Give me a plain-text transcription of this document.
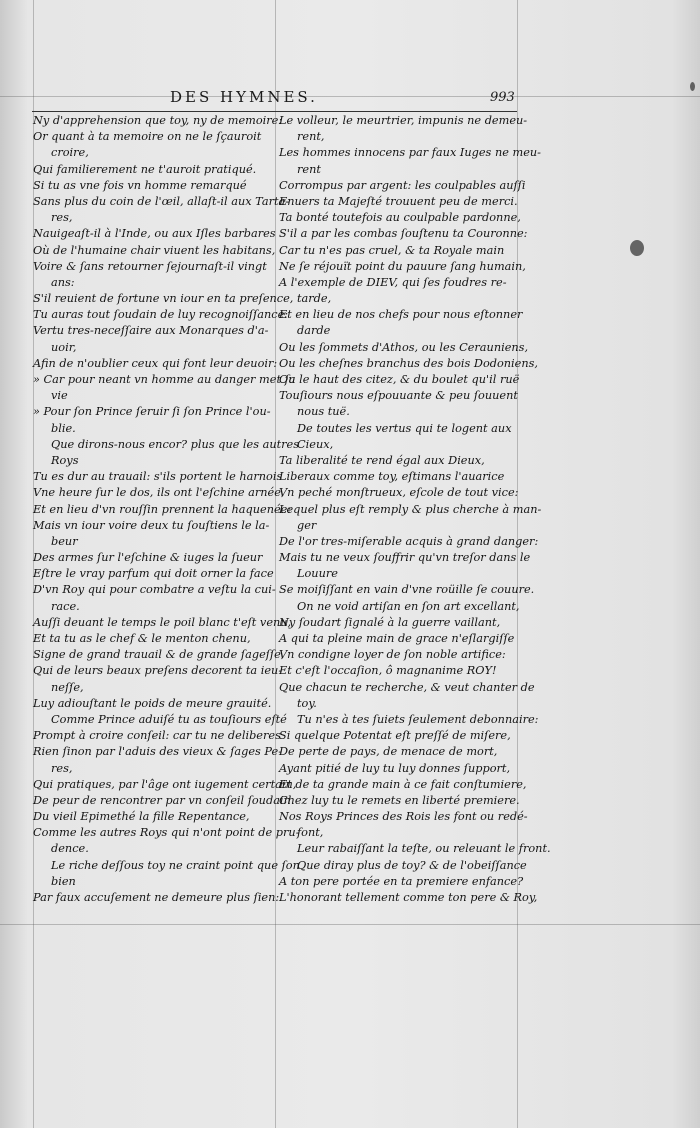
DES HYMNES.	993
Ny d'apprehension que toy, ny de memoire:
Or quant à ta memoire on ne le ſçauroit
croire,
Qui familierement ne t'auroit pratiqué.
Si tu as vne fois vn homme remarqué
Sans plus du coin de l'œil, allaſt-il aux Tarta-
res,
Nauigeaſt-il à l'Inde, ou aux Iſles barbares
Où de l'humaine chair viuent les habitans,
Voire & ſans retourner ſejournaſt-il vingt
ans:
S'il reuient de fortune vn iour en ta preſence,
Tu auras tout ſoudain de luy recognoiſſance:
Vertu tres-neceſſaire aux Monarques d'a-
uoir,
Afin de n'oublier ceux qui font leur deuoir:
» Car pour neant vn homme au danger met ſa
vie
» Pour ſon Prince ſeruir ſi ſon Prince l'ou-
blie.
Que dirons-nous encor? plus que les autres
Roys
Tu es dur au trauail: s'ils portent le harnois
Vne heure ſur le dos, ils ont l'eſchine arnée,
Et en lieu d'vn rouſſin prennent la haquenée:
Mais vn iour voire deux tu ſouſtiens le la-
beur
Des armes ſur l'eſchine & iuges la ſueur
Eſtre le vray parfum qui doit orner la face
D'vn Roy qui pour combatre a veſtu la cui-
race.
Auſſi deuant le temps le poil blanc t'eſt venu,
Et ta tu as le chef & le menton chenu,
Signe de grand trauail & de grande ſageſſe,
Qui de leurs beaux preſens decorent ta ieu-
neſſe,
Luy adiouſtant le poids de meure grauité.
Comme Prince aduiſé tu as touſiours eſté
Prompt à croire conſeil: car tu ne deliberes
Rien ſinon par l'aduis des vieux & ſages Pe-
res,
Qui pratiques, par l'âge ont iugement certain,
De peur de rencontrer par vn conſeil ſoudain
Du vieil Epimethé la fille Repentance,
Comme les autres Roys qui n'ont point de pru-
dence.
Le riche deſſous toy ne craint point que ſon
bien
Par faux accuſement ne demeure plus ſien:
Le volleur, le meurtrier, impunis ne demeu-
rent,
Les hommes innocens par faux Iuges ne meu-
rent
Corrompus par argent: les coulpables auſſi
Enuers ta Majeſté trouuent peu de merci.
Ta bonté toutefois au coulpable pardonne,
S'il a par les combas ſouſtenu ta Couronne:
Car tu n'es pas cruel, & ta Royale main
Ne ſe réjouït point du pauure ſang humain,
A l'exemple de DIEV, qui ſes foudres re-
tarde,
Et en lieu de nos chefs pour nous eſtonner
darde
Ou les ſommets d'Athos, ou les Cerauniens,
Ou les cheſnes branchus des bois Dodoniens,
Ou le haut des citez, & du boulet qu'il ruë
Touſiours nous eſpouuante & peu ſouuent
nous tuë.
De toutes les vertus qui te logent aux
Cieux,
Ta liberalité te rend égal aux Dieux,
Liberaux comme toy, eſtimans l'auarice
Vn peché monſtrueux, eſcole de tout vice:
Lequel plus eſt remply & plus cherche à man-
ger
De l'or tres-miſerable acquis à grand danger:
Mais tu ne veux ſouffrir qu'vn treſor dans le
Louure
Se moiſiſſant en vain d'vne roüille ſe couure.
On ne void artiſan en ſon art excellant,
Ny ſoudart ſignalé à la guerre vaillant,
A qui ta pleine main de grace n'eſlargiſſe
Vn condigne loyer de ſon noble artifice:
Et c'eſt l'occaſion, ô magnanime ROY!
Que chacun te recherche, & veut chanter de
toy.
Tu n'es à tes ſuiets ſeulement debonnaire:
Si quelque Potentat eſt preſſé de miſere,
De perte de pays, de menace de mort,
Ayant pitié de luy tu luy donnes ſupport,
Et de ta grande main à ce fait conſtumiere,
Chez luy tu le remets en liberté premiere.
Nos Roys Princes des Rois les font ou redé-
font,
Leur rabaiſſant la teſte, ou releuant le front.
Que diray plus de toy? & de l'obeiſſance
A ton pere portée en ta premiere enfance?
L'honorant tellement comme ton pere & Roy,
